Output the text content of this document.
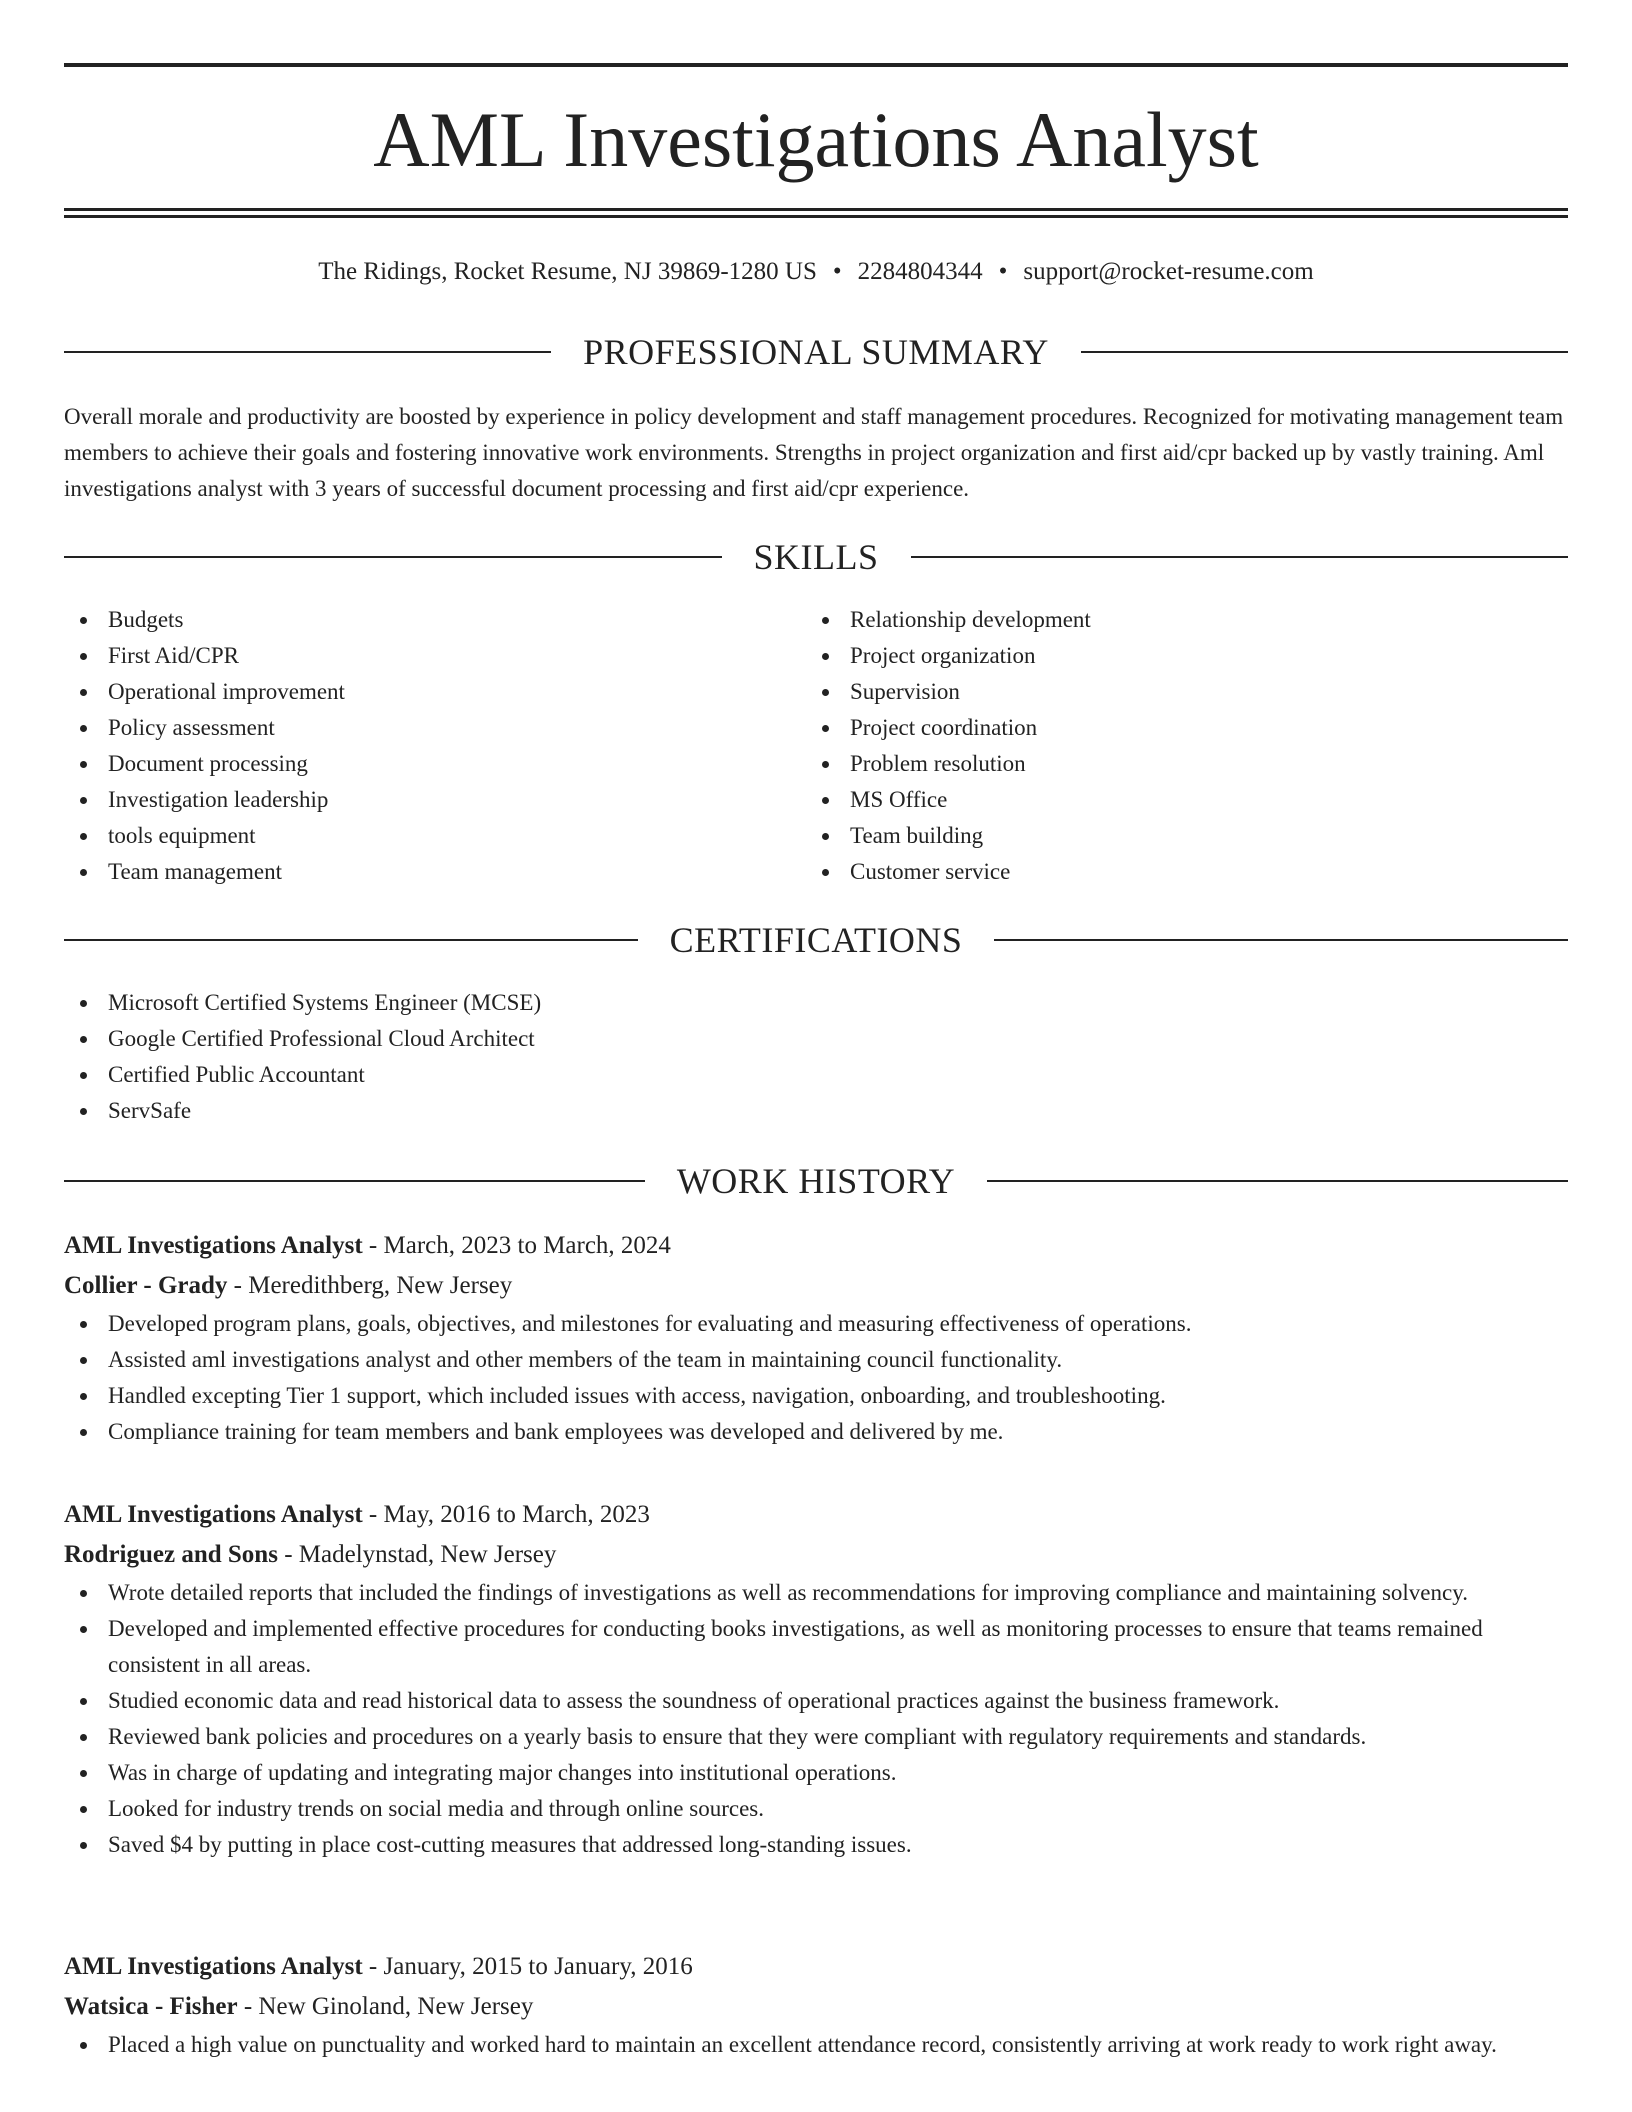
AML Investigations Analyst
The Ridings, Rocket Resume, NJ 39869-1280 US • 2284804344 • support@rocket-resume.com
PROFESSIONAL SUMMARY

Overall morale and productivity are boosted by experience in policy development and staff management procedures. Recognized for motivating management team members to achieve their goals and fostering innovative work environments. Strengths in project organization and first aid/cpr backed up by vastly training. Aml investigations analyst with 3 years of successful document processing and first aid/cpr experience.

SKILLS
Budgets
First Aid/CPR
Operational improvement
Policy assessment
Document processing
Investigation leadership
tools equipment
Team management
Relationship development
Project organization
Supervision
Project coordination
Problem resolution
MS Office
Team building
Customer service
CERTIFICATIONS
Microsoft Certified Systems Engineer (MCSE)
Google Certified Professional Cloud Architect
Certified Public Accountant
ServSafe
WORK HISTORY
AML Investigations Analyst - March, 2023 to March, 2024
Collier - Grady - Meredithberg, New Jersey
Developed program plans, goals, objectives, and milestones for evaluating and measuring effectiveness of operations.
Assisted aml investigations analyst and other members of the team in maintaining council functionality.
Handled excepting Tier 1 support, which included issues with access, navigation, onboarding, and troubleshooting.
Compliance training for team members and bank employees was developed and delivered by me.
AML Investigations Analyst - May, 2016 to March, 2023
Rodriguez and Sons - Madelynstad, New Jersey
Wrote detailed reports that included the findings of investigations as well as recommendations for improving compliance and maintaining solvency.
Developed and implemented effective procedures for conducting books investigations, as well as monitoring processes to ensure that teams remained consistent in all areas.
Studied economic data and read historical data to assess the soundness of operational practices against the business framework.
Reviewed bank policies and procedures on a yearly basis to ensure that they were compliant with regulatory requirements and standards.
Was in charge of updating and integrating major changes into institutional operations.
Looked for industry trends on social media and through online sources.
Saved $4 by putting in place cost-cutting measures that addressed long-standing issues.
AML Investigations Analyst - January, 2015 to January, 2016
Watsica - Fisher - New Ginoland, New Jersey
Placed a high value on punctuality and worked hard to maintain an excellent attendance record, consistently arriving at work ready to work right away.
